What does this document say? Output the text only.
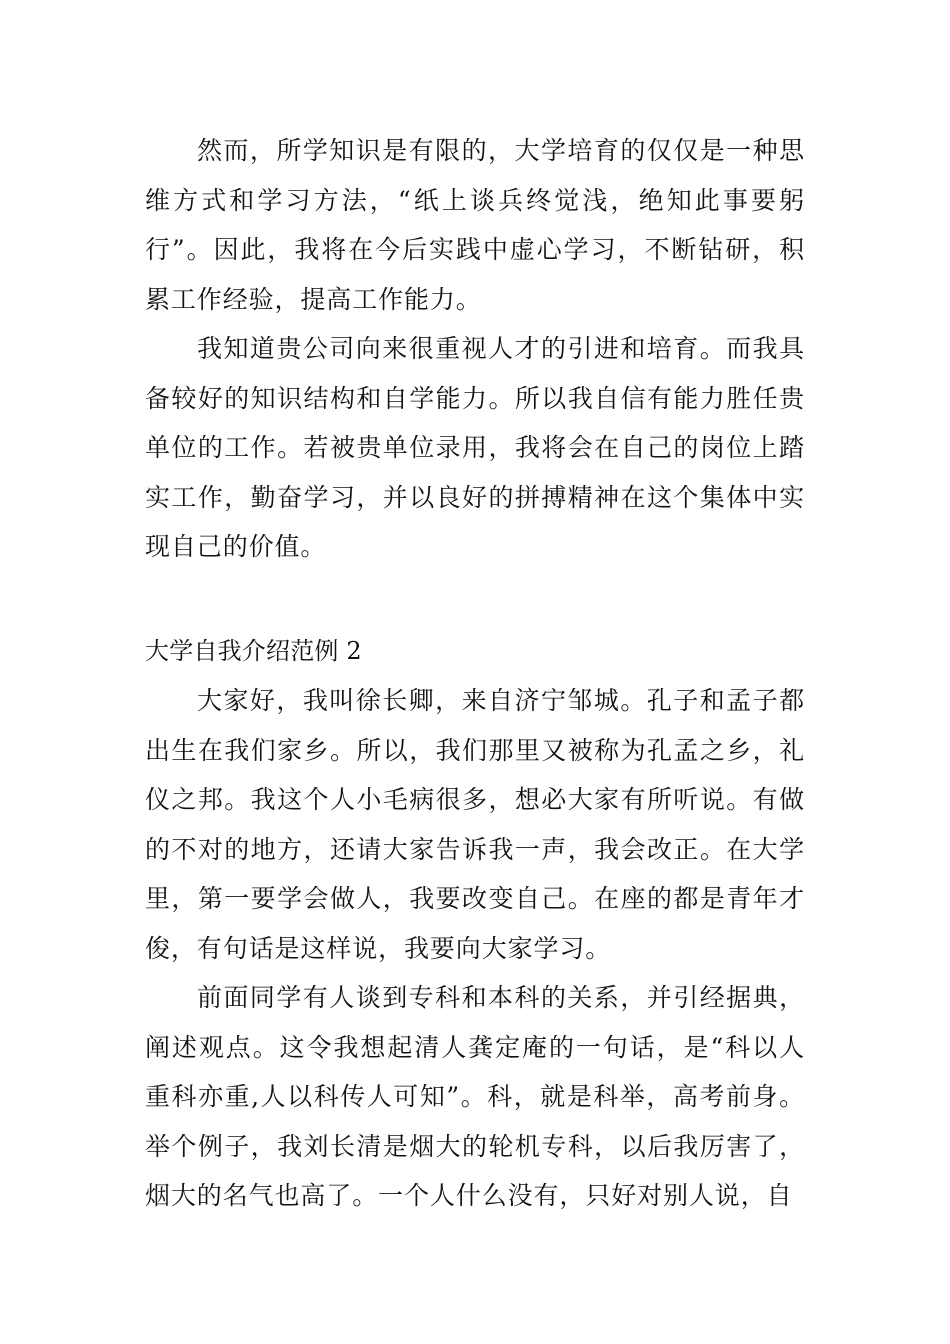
然而，所学知识是有限的，大学培育的仅仅是一种思维方式和学习方法，“纸上谈兵终觉浅，绝知此事要躬行”。因此，我将在今后实践中虚心学习，不断钻研，积累工作经验，提高工作能力。

我知道贵公司向来很重视人才的引进和培育。而我具备较好的知识结构和自学能力。所以我自信有能力胜任贵单位的工作。若被贵单位录用，我将会在自己的岗位上踏实工作，勤奋学习，并以良好的拼搏精神在这个集体中实现自己的价值。

大学自我介绍范例 2

大家好，我叫徐长卿，来自济宁邹城。孔子和孟子都出生在我们家乡。所以，我们那里又被称为孔孟之乡，礼仪之邦。我这个人小毛病很多，想必大家有所听说。有做的不对的地方，还请大家告诉我一声，我会改正。在大学里，第一要学会做人，我要改变自己。在座的都是青年才俊，有句话是这样说，我要向大家学习。

前面同学有人谈到专科和本科的关系，并引经据典，阐述观点。这令我想起清人龚定庵的一句话，是“科以人重科亦重,人以科传人可知”。科，就是科举，高考前身。举个例子，我刘长清是烟大的轮机专科，以后我厉害了，烟大的名气也高了。一个人什么没有，只好对别人说，自
